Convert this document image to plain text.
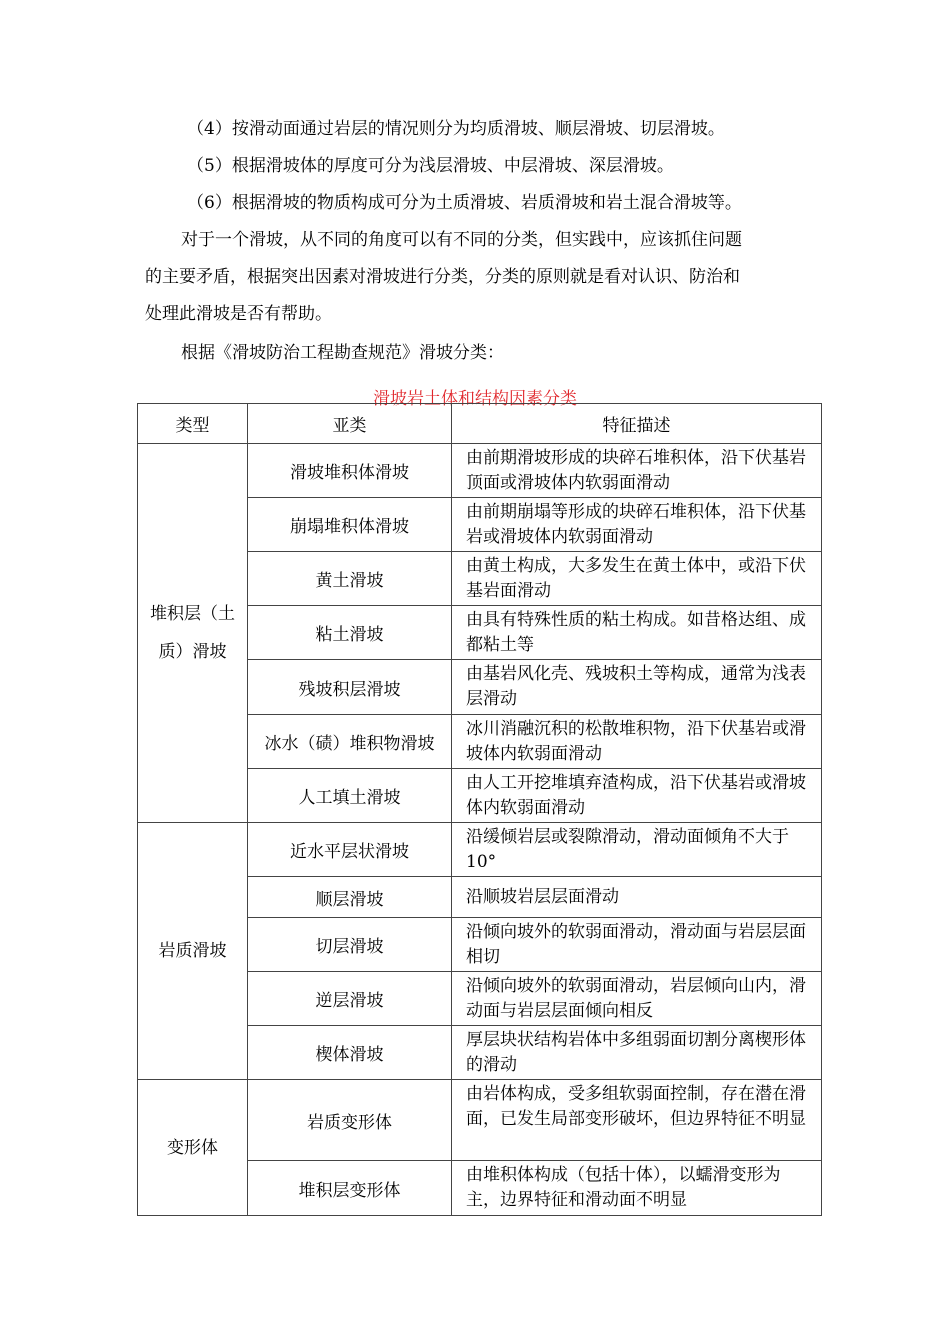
（4）按滑动面通过岩层的情况则分为均质滑坡、顺层滑坡、切层滑坡。
（5）根据滑坡体的厚度可分为浅层滑坡、中层滑坡、深层滑坡。
（6）根据滑坡的物质构成可分为土质滑坡、岩质滑坡和岩土混合滑坡等。
对于一个滑坡，从不同的角度可以有不同的分类，但实践中，应该抓住问题
的主要矛盾，根据突出因素对滑坡进行分类，分类的原则就是看对认识、防治和
处理此滑坡是否有帮助。
根据《滑坡防治工程勘查规范》滑坡分类：
滑坡岩土体和结构因素分类
类型	亚类	特征描述
堆积层（土质）滑坡	滑坡堆积体滑坡	由前期滑坡形成的块碎石堆积体，沿下伏基岩顶面或滑坡体内软弱面滑动
	崩塌堆积体滑坡	由前期崩塌等形成的块碎石堆积体，沿下伏基岩或滑坡体内软弱面滑动
	黄土滑坡	由黄土构成，大多发生在黄土体中，或沿下伏基岩面滑动
	粘土滑坡	由具有特殊性质的粘土构成。如昔格达组、成都粘土等
	残坡积层滑坡	由基岩风化壳、残坡积土等构成，通常为浅表层滑动
	冰水（碛）堆积物滑坡	冰川消融沉积的松散堆积物，沿下伏基岩或滑坡体内软弱面滑动
	人工填土滑坡	由人工开挖堆填弃渣构成，沿下伏基岩或滑坡体内软弱面滑动
岩质滑坡	近水平层状滑坡	沿缓倾岩层或裂隙滑动，滑动面倾角不大于 10°
	顺层滑坡	沿顺坡岩层层面滑动
	切层滑坡	沿倾向坡外的软弱面滑动，滑动面与岩层层面相切
	逆层滑坡	沿倾向坡外的软弱面滑动，岩层倾向山内，滑动面与岩层层面倾向相反
	楔体滑坡	厚层块状结构岩体中多组弱面切割分离楔形体的滑动
变形体	岩质变形体	由岩体构成，受多组软弱面控制，存在潜在滑面，已发生局部变形破坏，但边界特征不明显
	堆积层变形体	由堆积体构成（包括十体），以蠕滑变形为主，边界特征和滑动面不明显
